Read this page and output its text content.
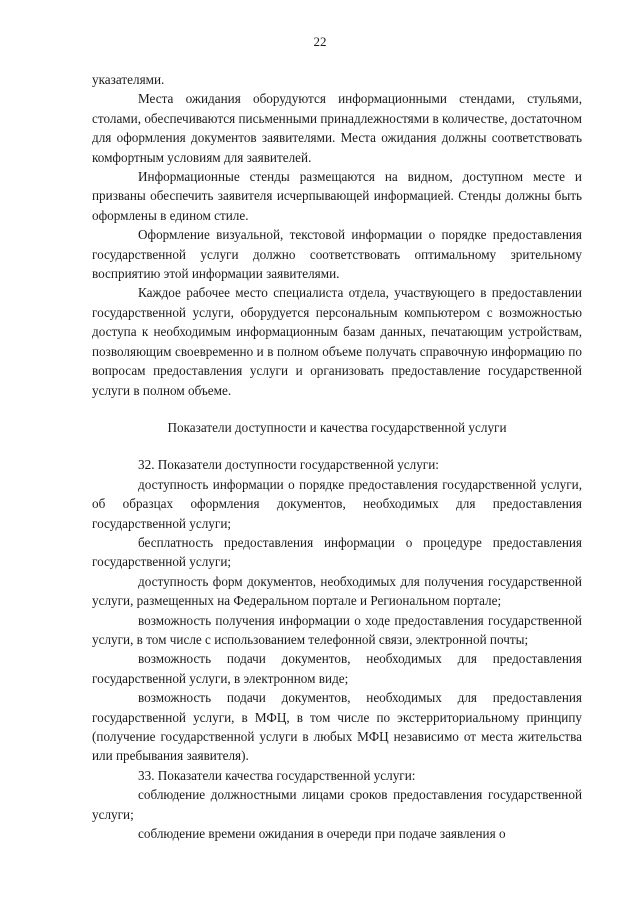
22

указателями.

Места ожидания оборудуются информационными стендами, стульями, столами, обеспечиваются письменными принадлежностями в количестве, достаточном для оформления документов заявителями. Места ожидания должны соответствовать комфортным условиям для заявителей.

Информационные стенды размещаются на видном, доступном месте и призваны обеспечить заявителя исчерпывающей информацией. Стенды должны быть оформлены в едином стиле.

Оформление визуальной, текстовой информации о порядке предоставления государственной услуги должно соответствовать оптимальному зрительному восприятию этой информации заявителями.

Каждое рабочее место специалиста отдела, участвующего в предоставлении государственной услуги, оборудуется персональным компьютером с возможностью доступа к необходимым информационным базам данных, печатающим устройствам, позволяющим своевременно и в полном объеме получать справочную информацию по вопросам предоставления услуги и организовать предоставление государственной услуги в полном объеме.

Показатели доступности и качества государственной услуги

32. Показатели доступности государственной услуги:

доступность информации о порядке предоставления государственной услуги, об образцах оформления документов, необходимых для предоставления государственной услуги;

бесплатность предоставления информации о процедуре предоставления государственной услуги;

доступность форм документов, необходимых для получения государственной услуги, размещенных на Федеральном портале и Региональном портале;

возможность получения информации о ходе предоставления государственной услуги, в том числе с использованием телефонной связи, электронной почты;

возможность подачи документов, необходимых для предоставления государственной услуги, в электронном виде;

возможность подачи документов, необходимых для предоставления государственной услуги, в МФЦ, в том числе по экстерриториальному принципу (получение государственной услуги в любых МФЦ независимо от места жительства или пребывания заявителя).

33. Показатели качества государственной услуги:

соблюдение должностными лицами сроков предоставления государственной услуги;

соблюдение времени ожидания в очереди при подаче заявления о
